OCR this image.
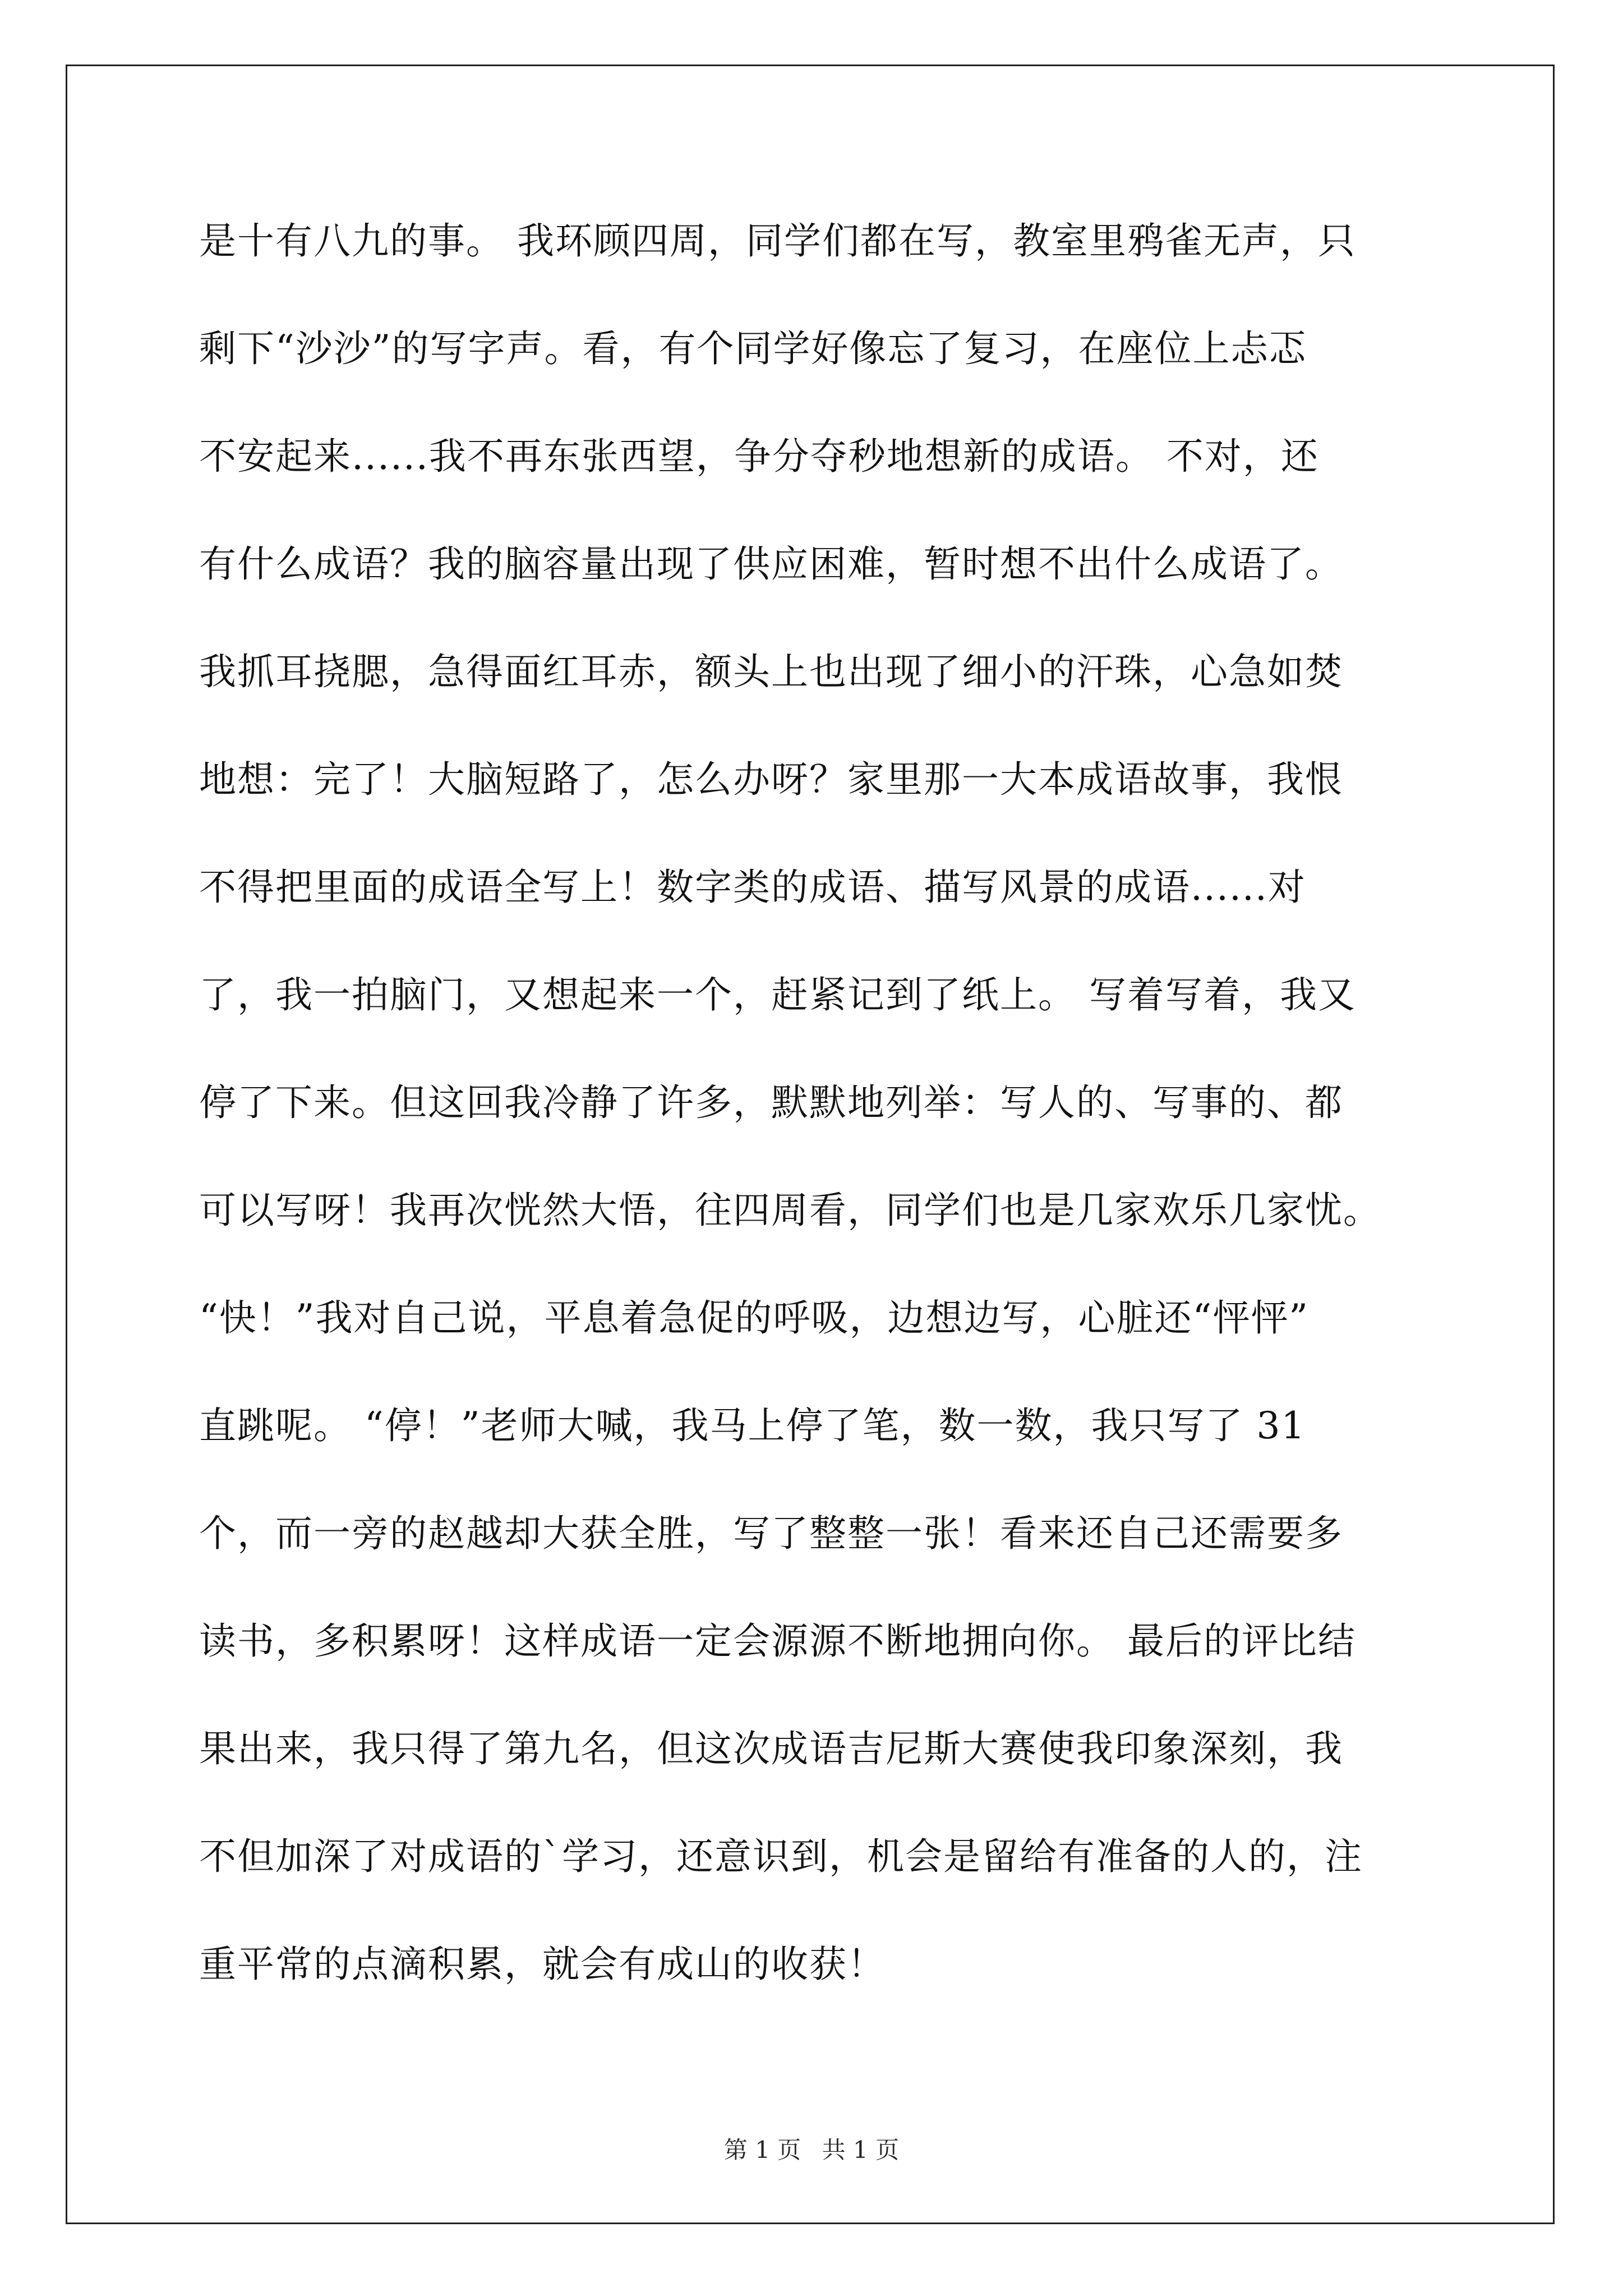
是十有八九的事。 我环顾四周，同学们都在写，教室里鸦雀无声，只
剩下“沙沙”的写字声。看，有个同学好像忘了复习，在座位上忐忑
不安起来......我不再东张西望，争分夺秒地想新的成语。 不对，还
有什么成语？我的脑容量出现了供应困难，暂时想不出什么成语了。
我抓耳挠腮，急得面红耳赤，额头上也出现了细小的汗珠，心急如焚
地想：完了！大脑短路了，怎么办呀？家里那一大本成语故事，我恨
不得把里面的成语全写上！数字类的成语、描写风景的成语......对
了，我一拍脑门，又想起来一个，赶紧记到了纸上。 写着写着，我又
停了下来。但这回我冷静了许多，默默地列举：写人的、写事的、都
可以写呀！我再次恍然大悟，往四周看，同学们也是几家欢乐几家忧。
“快！”我对自己说，平息着急促的呼吸，边想边写，心脏还“怦怦”
直跳呢。 “停！”老师大喊，我马上停了笔，数一数，我只写了 31
个，而一旁的赵越却大获全胜，写了整整一张！看来还自己还需要多
读书，多积累呀！这样成语一定会源源不断地拥向你。 最后的评比结
果出来，我只得了第九名，但这次成语吉尼斯大赛使我印象深刻，我
不但加深了对成语的`学习，还意识到，机会是留给有准备的人的，注
重平常的点滴积累，就会有成山的收获！
第 1 页 共 1 页
